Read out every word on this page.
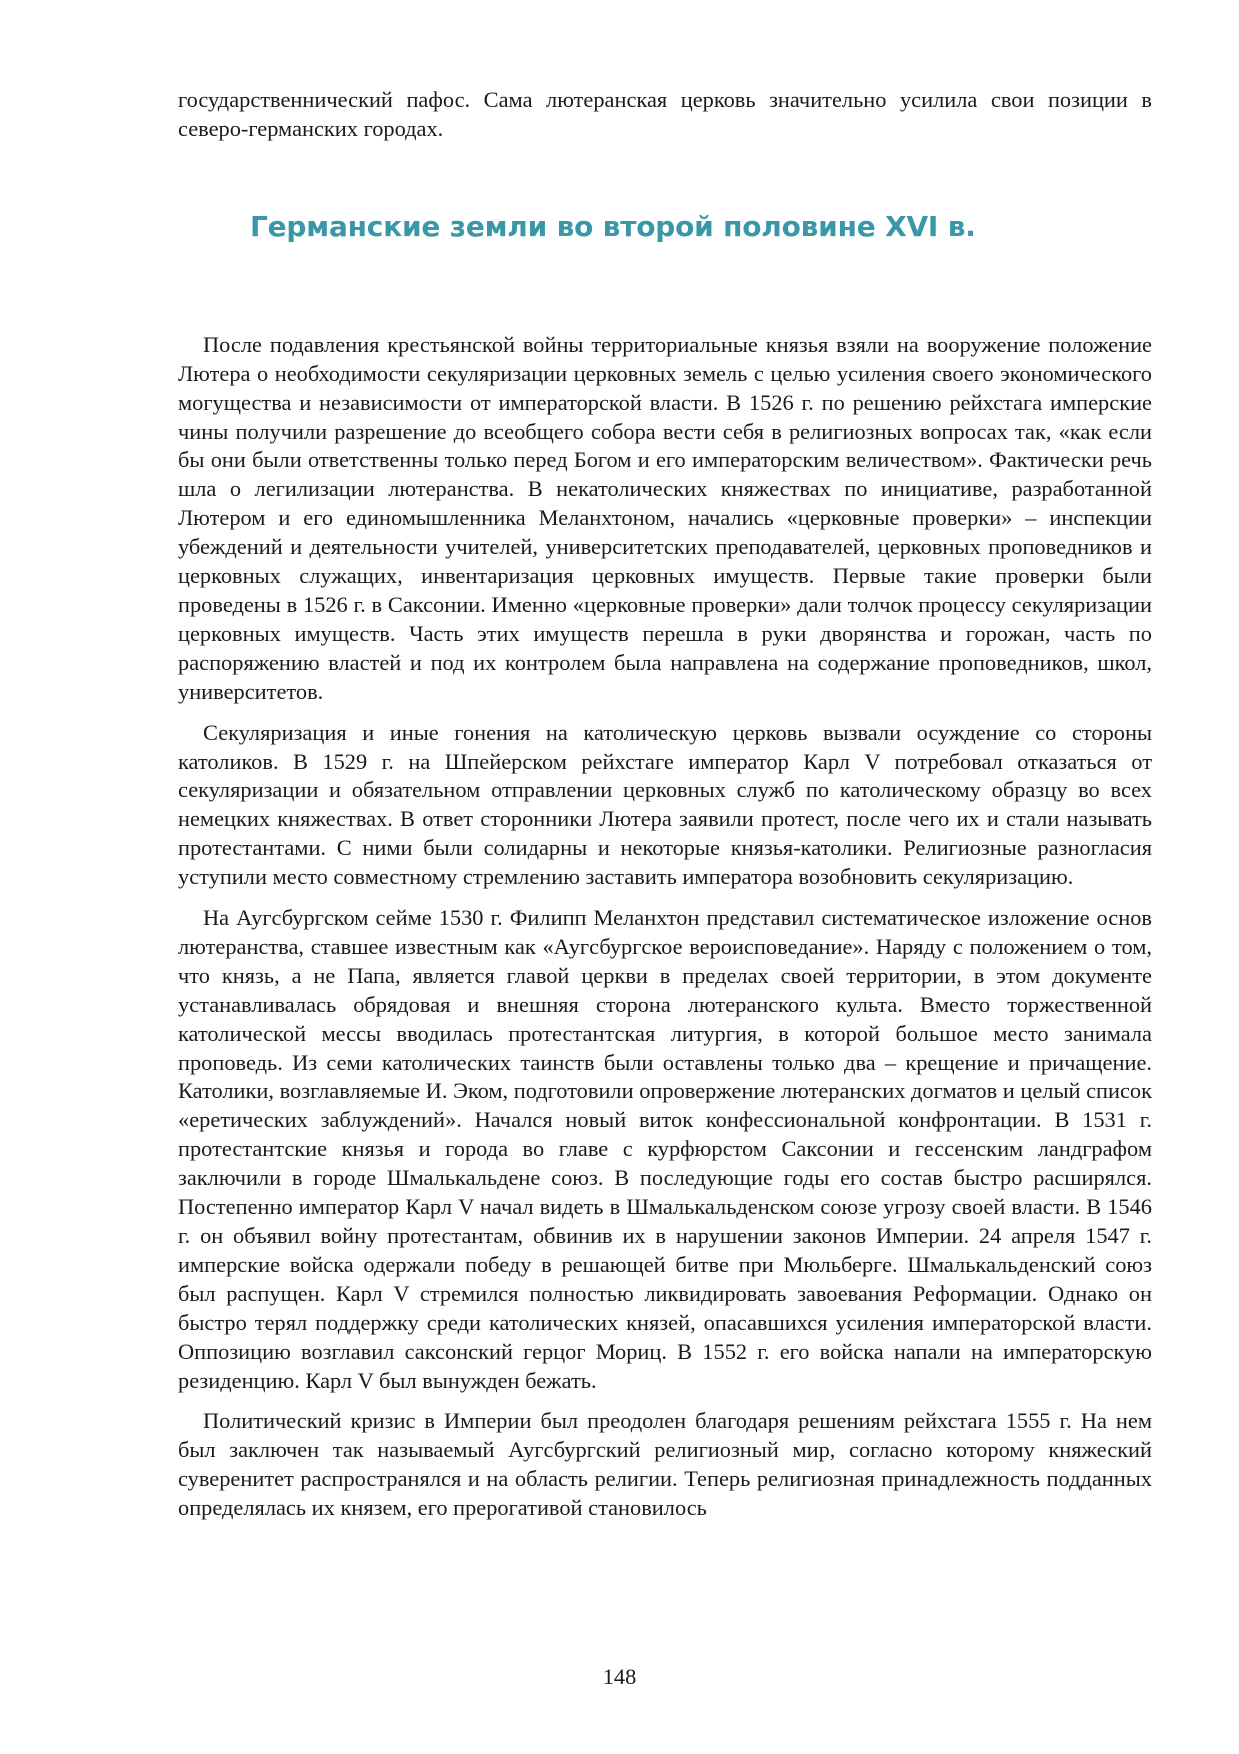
государственнический пафос. Сама лютеранская церковь значительно усилила свои позиции в северо-германских городах.

Германские земли во второй половине XVI в.

После подавления крестьянской войны территориальные князья взяли на вооружение положение Лютера о необходимости секуляризации церковных земель с целью усиления своего экономического могущества и независимости от императорской власти. В 1526 г. по решению рейхстага имперские чины получили разрешение до всеобщего собора вести себя в религиозных вопросах так, «как если бы они были ответственны только перед Богом и его императорским величеством». Фактически речь шла о легилизации лютеранства. В некатолических княжествах по инициативе, разработанной Лютером и его единомышленника Меланхтоном, начались «церковные проверки» – инспекции убеждений и деятельности учителей, университетских преподавателей, церковных проповедников и церковных служащих, инвентаризация церковных имуществ. Первые такие проверки были проведены в 1526 г. в Саксонии. Именно «церковные проверки» дали толчок процессу секуляризации церковных имуществ. Часть этих имуществ перешла в руки дворянства и горожан, часть по распоряжению властей и под их контролем была направлена на содержание проповедников, школ, университетов.

Секуляризация и иные гонения на католическую церковь вызвали осуждение со стороны католиков. В 1529 г. на Шпейерском рейхстаге император Карл V потребовал отказаться от секуляризации и обязательном отправлении церковных служб по католическому образцу во всех немецких княжествах. В ответ сторонники Лютера заявили протест, после чего их и стали называть протестантами. С ними были солидарны и некоторые князья-католики. Религиозные разногласия уступили место совместному стремлению заставить императора возобновить секуляризацию.

На Аугсбургском сейме 1530 г. Филипп Меланхтон представил систематическое изложение основ лютеранства, ставшее известным как «Аугсбургское вероисповедание». Наряду с положением о том, что князь, а не Папа, является главой церкви в пределах своей территории, в этом документе устанавливалась обрядовая и внешняя сторона лютеранского культа. Вместо торжественной католической мессы вводилась протестантская литургия, в которой большое место занимала проповедь. Из семи католических таинств были оставлены только два – крещение и причащение. Католики, возглавляемые И. Эком, подготовили опровержение лютеранских догматов и целый список «еретических заблуждений». Начался новый виток конфессиональной конфронтации. В 1531 г. протестантские князья и города во главе с курфюрстом Саксонии и гессенским ландграфом заключили в городе Шмалькальдене союз. В последующие годы его состав быстро расширялся. Постепенно император Карл V начал видеть в Шмалькальденском союзе угрозу своей власти. В 1546 г. он объявил войну протестантам, обвинив их в нарушении законов Империи. 24 апреля 1547 г. имперские войска одержали победу в решающей битве при Мюльберге. Шмалькальденский союз был распущен. Карл V стремился полностью ликвидировать завоевания Реформации. Однако он быстро терял поддержку среди католических князей, опасавшихся усиления императорской власти. Оппозицию возглавил саксонский герцог Мориц. В 1552 г. его войска напали на императорскую резиденцию. Карл V был вынужден бежать.

Политический кризис в Империи был преодолен благодаря решениям рейхстага 1555 г. На нем был заключен так называемый Аугсбургский религиозный мир, согласно которому княжеский суверенитет распространялся и на область религии. Теперь религиозная принадлежность подданных определялась их князем, его прерогативой становилось

148
